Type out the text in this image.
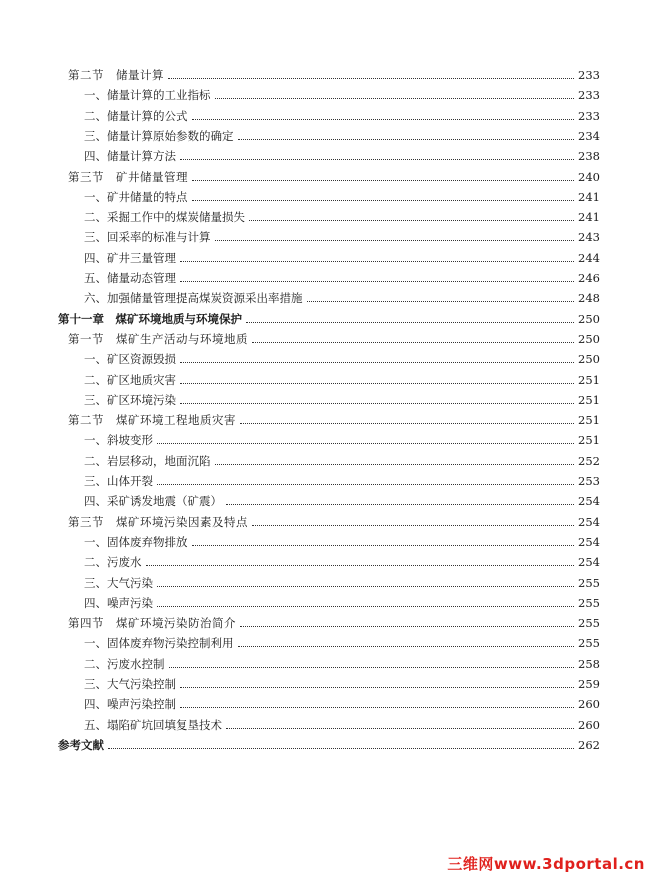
第二节　储量计算	233
一、储量计算的工业指标	233
二、储量计算的公式	233
三、储量计算原始参数的确定	234
四、储量计算方法	238
第三节　矿井储量管理	240
一、矿井储量的特点	241
二、采掘工作中的煤炭储量损失	241
三、回采率的标准与计算	243
四、矿井三量管理	244
五、储量动态管理	246
六、加强储量管理提高煤炭资源采出率措施	248
第十一章　煤矿环境地质与环境保护	250
第一节　煤矿生产活动与环境地质	250
一、矿区资源毁损	250
二、矿区地质灾害	251
三、矿区环境污染	251
第二节　煤矿环境工程地质灾害	251
一、斜坡变形	251
二、岩层移动，地面沉陷	252
三、山体开裂	253
四、采矿诱发地震（矿震）	254
第三节　煤矿环境污染因素及特点	254
一、固体废弃物排放	254
二、污废水	254
三、大气污染	255
四、噪声污染	255
第四节　煤矿环境污染防治简介	255
一、固体废弃物污染控制利用	255
二、污废水控制	258
三、大气污染控制	259
四、噪声污染控制	260
五、塌陷矿坑回填复垦技术	260
参考文献	262
三维网www.3dportal.cn
